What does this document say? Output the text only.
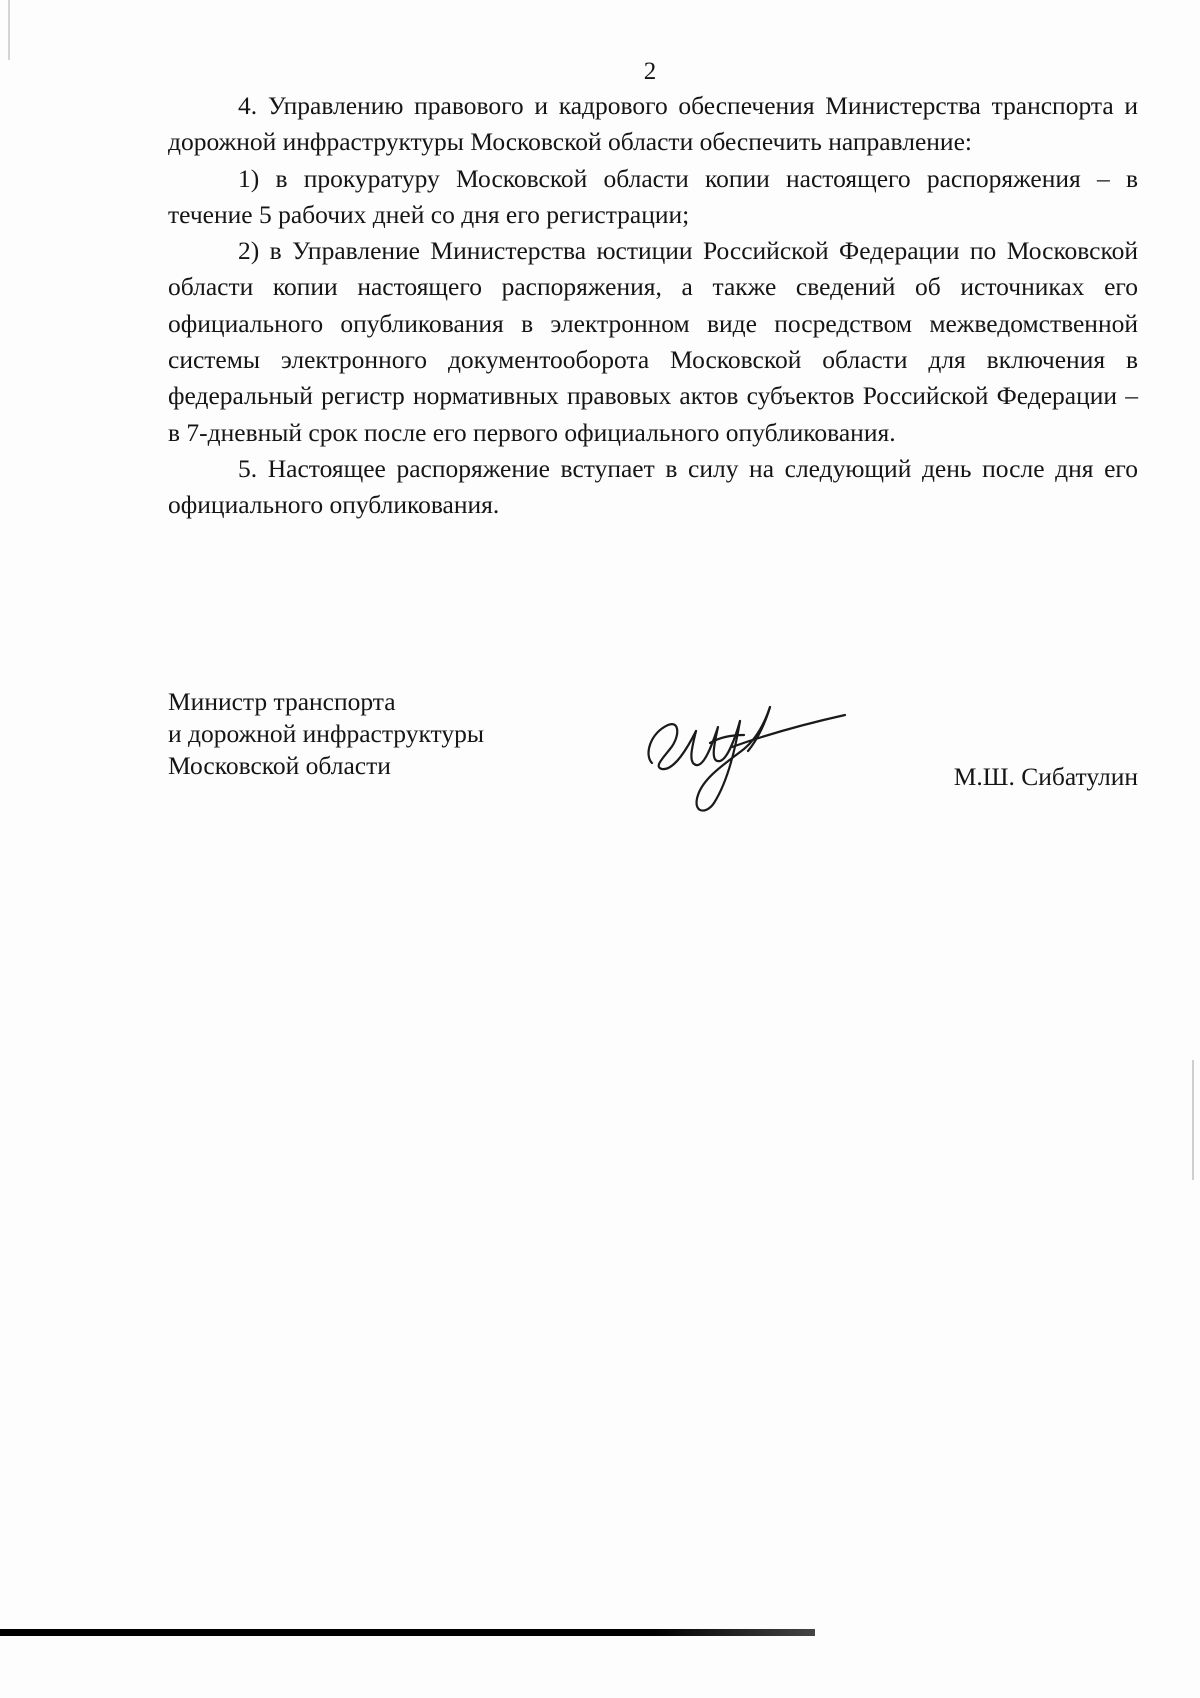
2

4. Управлению правового и кадрового обеспечения Министерства транспорта и дорожной инфраструктуры Московской области обеспечить направление:

1) в прокуратуру Московской области копии настоящего распоряжения – в течение 5 рабочих дней со дня его регистрации;

2) в Управление Министерства юстиции Российской Федерации по Московской области копии настоящего распоряжения, а также сведений об источниках его официального опубликования в электронном виде посредством межведомственной системы электронного документооборота Московской области для включения в федеральный регистр нормативных правовых актов субъектов Российской Федерации – в 7-дневный срок после его первого официального опубликования.

5. Настоящее распоряжение вступает в силу на следующий день после дня его официального опубликования.

Министр транспорта
и дорожной инфраструктуры
Московской области	М.Ш. Сибатулин
